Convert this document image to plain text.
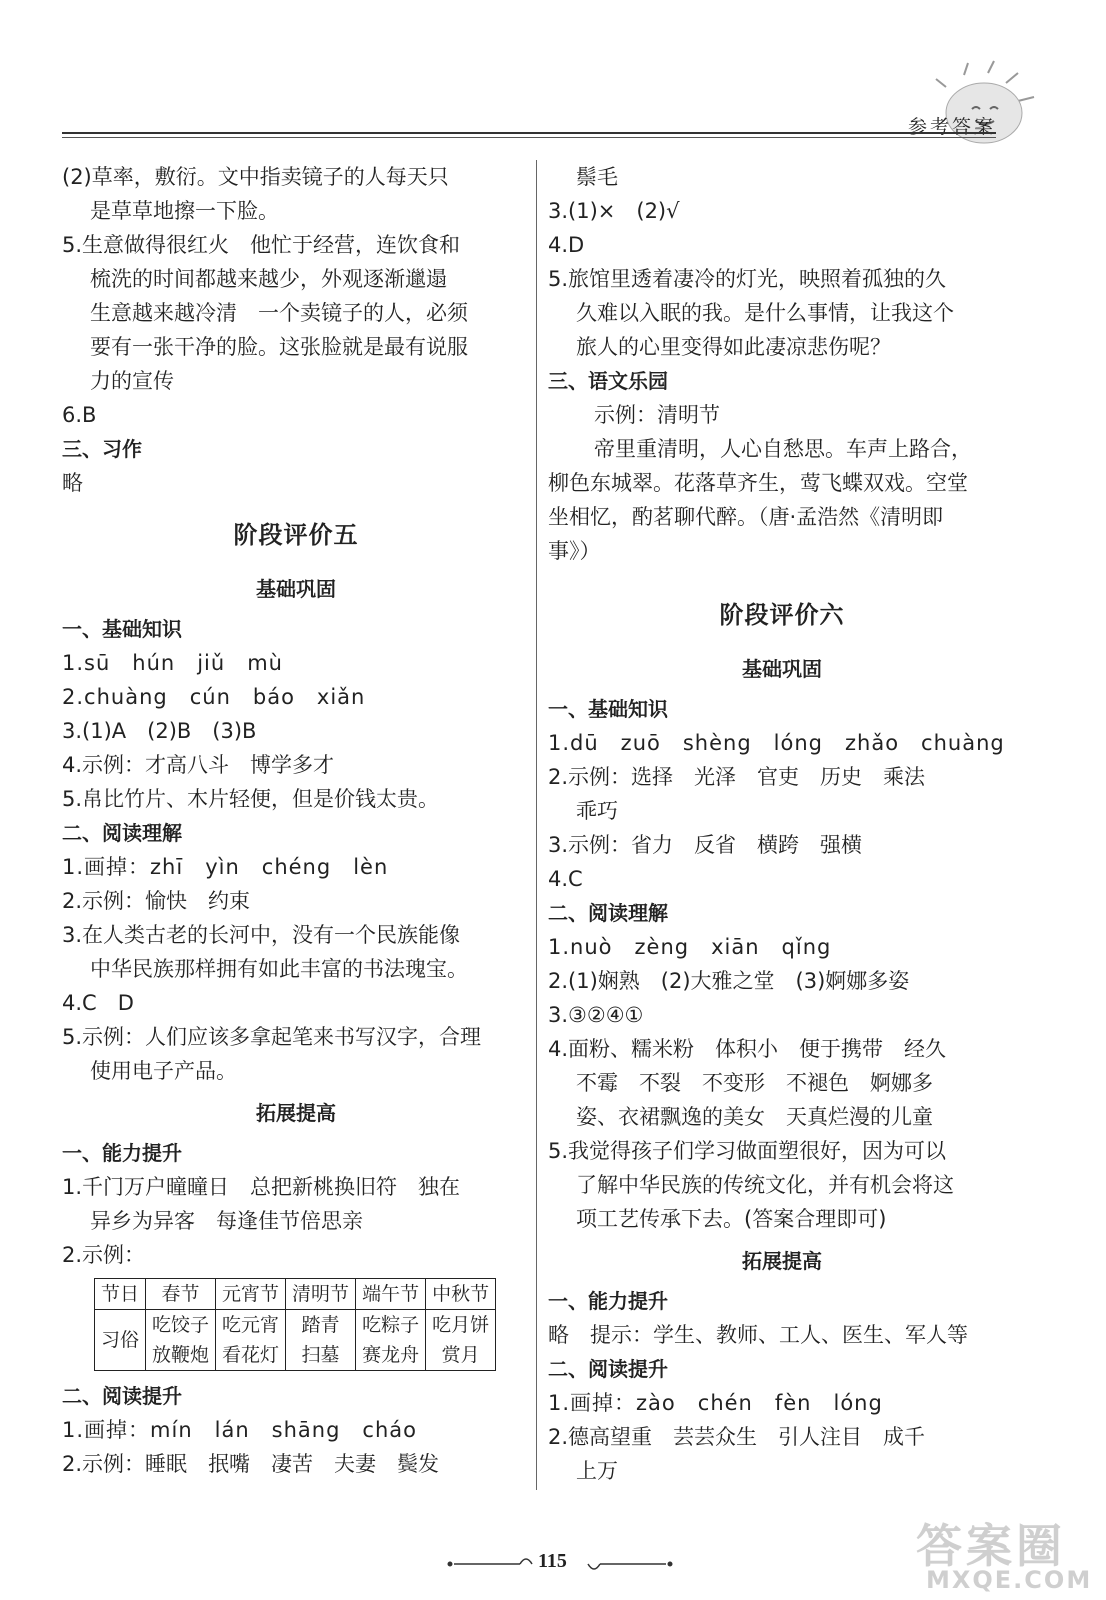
参考答案
(2)草率，敷衍。文中指卖镜子的人每天只
是草草地擦一下脸。
5.生意做得很红火　他忙于经营，连饮食和
梳洗的时间都越来越少，外观逐渐邋遢
生意越来越冷清　一个卖镜子的人，必须
要有一张干净的脸。这张脸就是最有说服
力的宣传
6.B
三、习作
略
阶段评价五
基础巩固
一、基础知识
1.sū　hún　jiǔ　mù
2.chuàng　cún　báo　xiǎn
3.(1)A　(2)B　(3)B
4.示例：才高八斗　博学多才
5.帛比竹片、木片轻便，但是价钱太贵。
二、阅读理解
1.画掉：zhī　yìn　chéng　lèn
2.示例：愉快　约束
3.在人类古老的长河中，没有一个民族能像
中华民族那样拥有如此丰富的书法瑰宝。
4.C　D
5.示例：人们应该多拿起笔来书写汉字，合理
使用电子产品。
拓展提高
一、能力提升
1.千门万户曈曈日　总把新桃换旧符　独在
异乡为异客　每逢佳节倍思亲
2.示例：
节日	春节	元宵节	清明节	端午节	中秋节
习俗	吃饺子	吃元宵	踏青	吃粽子	吃月饼
	放鞭炮	看花灯	扫墓	赛龙舟	赏月
二、阅读提升
1.画掉：mín　lán　shāng　cháo
2.示例：睡眠　抿嘴　凄苦　夫妻　鬓发
鬃毛
3.(1)×　(2)√
4.D
5.旅馆里透着凄冷的灯光，映照着孤独的久
久难以入眠的我。是什么事情，让我这个
旅人的心里变得如此凄凉悲伤呢？
三、语文乐园
示例：清明节
帝里重清明，人心自愁思。车声上路合，
柳色东城翠。花落草齐生，莺飞蝶双戏。空堂
坐相忆，酌茗聊代醉。（唐·孟浩然《清明即
事》）
阶段评价六
基础巩固
一、基础知识
1.dū　zuō　shèng　lóng　zhǎo　chuàng
2.示例：选择　光泽　官吏　历史　乘法
乖巧
3.示例：省力　反省　横跨　强横
4.C
二、阅读理解
1.nuò　zèng　xiān　qǐng
2.(1)娴熟　(2)大雅之堂　(3)婀娜多姿
3.③②④①
4.面粉、糯米粉　体积小　便于携带　经久
不霉　不裂　不变形　不褪色　婀娜多
姿、衣裙飘逸的美女　天真烂漫的儿童
5.我觉得孩子们学习做面塑很好，因为可以
了解中华民族的传统文化，并有机会将这
项工艺传承下去。(答案合理即可)
拓展提高
一、能力提升
略　提示：学生、教师、工人、医生、军人等
二、阅读提升
1.画掉：zào　chén　fèn　lóng
2.德高望重　芸芸众生　引人注目　成千
上万
115	答案圈
MXQE.COM
